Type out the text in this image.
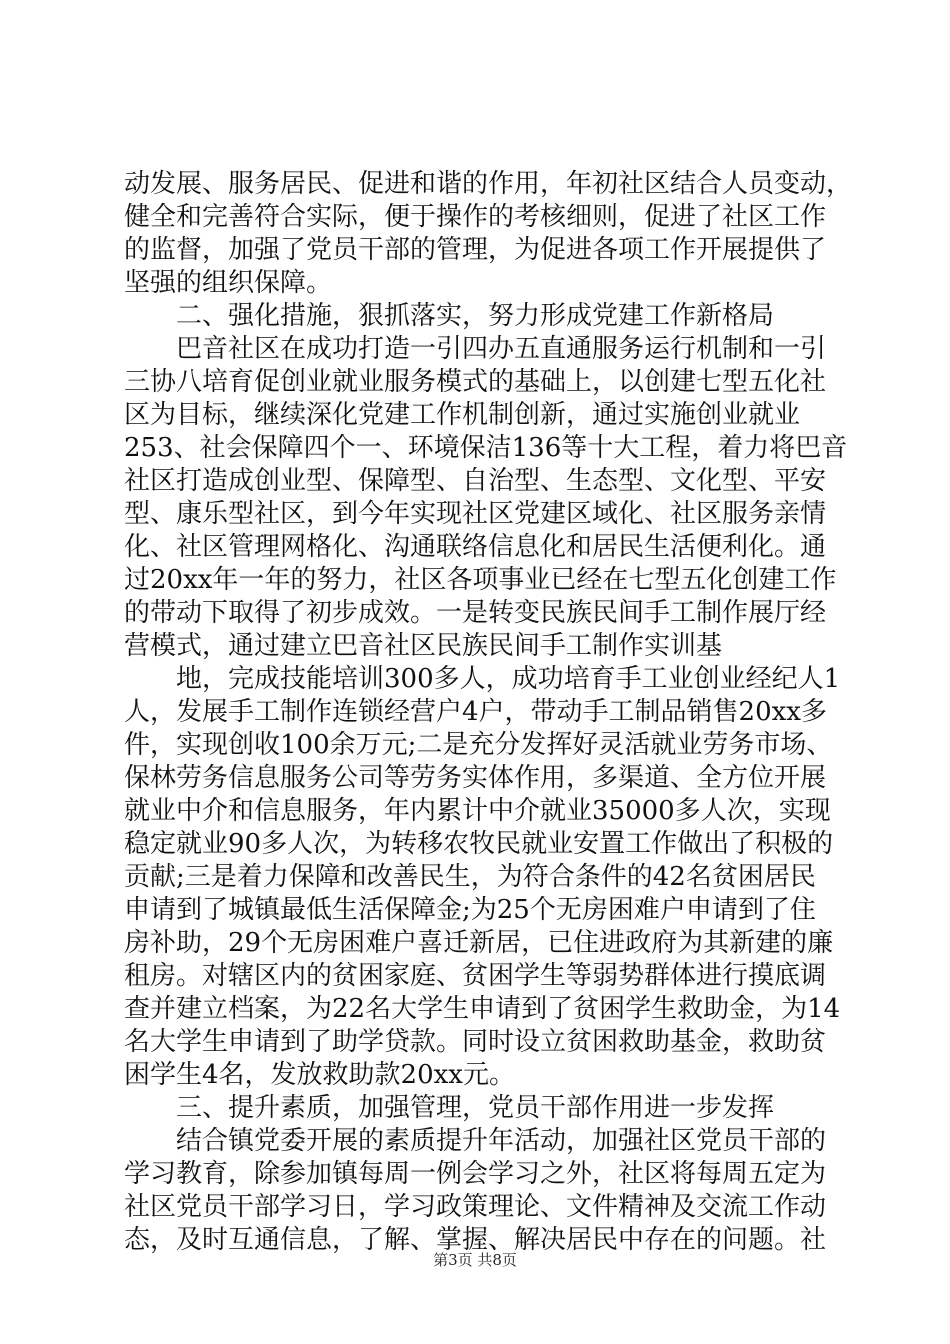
动发展、服务居民、促进和谐的作用，年初社区结合人员变动，
健全和完善符合实际，便于操作的考核细则，促进了社区工作
的监督，加强了党员干部的管理，为促进各项工作开展提供了
坚强的组织保障。
二、强化措施，狠抓落实，努力形成党建工作新格局
巴音社区在成功打造一引四办五直通服务运行机制和一引
三协八培育促创业就业服务模式的基础上，以创建七型五化社
区为目标，继续深化党建工作机制创新，通过实施创业就业
253、社会保障四个一、环境保洁136等十大工程，着力将巴音
社区打造成创业型、保障型、自治型、生态型、文化型、平安
型、康乐型社区，到今年实现社区党建区域化、社区服务亲情
化、社区管理网格化、沟通联络信息化和居民生活便利化。通
过20xx年一年的努力，社区各项事业已经在七型五化创建工作
的带动下取得了初步成效。一是转变民族民间手工制作展厅经
营模式，通过建立巴音社区民族民间手工制作实训基
地，完成技能培训300多人，成功培育手工业创业经纪人1
人，发展手工制作连锁经营户4户，带动手工制品销售20xx多
件，实现创收100余万元;二是充分发挥好灵活就业劳务市场、
保林劳务信息服务公司等劳务实体作用，多渠道、全方位开展
就业中介和信息服务，年内累计中介就业35000多人次，实现
稳定就业90多人次，为转移农牧民就业安置工作做出了积极的
贡献;三是着力保障和改善民生，为符合条件的42名贫困居民
申请到了城镇最低生活保障金;为25个无房困难户申请到了住
房补助，29个无房困难户喜迁新居，已住进政府为其新建的廉
租房。对辖区内的贫困家庭、贫困学生等弱势群体进行摸底调
查并建立档案，为22名大学生申请到了贫困学生救助金，为14
名大学生申请到了助学贷款。同时设立贫困救助基金，救助贫
困学生4名，发放救助款20xx元。
三、提升素质，加强管理，党员干部作用进一步发挥
结合镇党委开展的素质提升年活动，加强社区党员干部的
学习教育，除参加镇每周一例会学习之外，社区将每周五定为
社区党员干部学习日，学习政策理论、文件精神及交流工作动
态，及时互通信息，了解、掌握、解决居民中存在的问题。社
第3页 共8页
